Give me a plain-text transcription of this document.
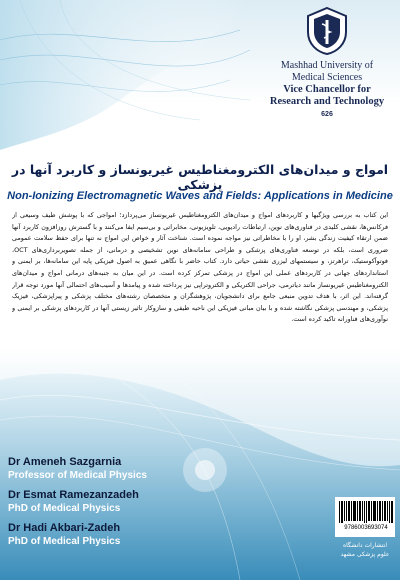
Mashhad University of
Medical Sciences
Vice Chancellor for
Research and Technology
626
امواج و میدان‌های الکترومغناطیس غیریونساز و کاربرد آنها در پزشکی
Non-Ionizing Electromagnetic Waves and Fields: Applications in Medicine
این کتاب به بررسی ویژگیها و کاربردهای امواج و میدان‌های الکترومغناطیس غیریونساز می‌پردازد؛ امواجی که با پوشش طیف وسیعی از فرکانس‌ها، نقشی کلیدی در فناوری‌های نوین، ارتباطات رادیویی، تلویزیونی، مخابراتی و بی‌سیم ایفا می‌کنند و با گسترش روزافزون کاربرد آنها ضمن ارتقاء کیفیت زندگی بشر، او را با مخاطراتی نیز مواجه نموده است. شناخت آثار و خواص این امواج نه تنها برای حفظ سلامت عمومی ضروری است، بلکه در توسعه فناوری‌های پزشکی و طراحی سامانه‌های نوین تشخیصی و درمانی، از جمله تصویربرداری‌های OCT، فوتوآکوستیک، تراهرتز، و سیستمهای لیزری نقشی حیاتی دارد. کتاب حاضر با نگاهی عمیق به اصول فیزیکی پایه این سامانه‌ها، بر ایمنی و استانداردهای جهانی در کاربردهای عملی این امواج در پزشکی تمرکز کرده است. در این میان به جنبه‌های درمانی امواج و میدان‌های الکترومغناطیس غیریونساز مانند دیاترمی، جراحی الکتریکی و الکتروتراپی نیز پرداخته شده و پیامدها و آسیب‌های احتمالی آنها مورد توجه قرار گرفته‌اند. این اثر، با هدف تدوین منبعی جامع برای دانشجویان، پژوهشگران و متخصصان رشته‌های مختلف پزشکی و پیراپزشکی، فیزیک پزشکی، و مهندسی پزشکی نگاشته شده و با بیان مبانی فیزیکی این ناحیه طیفی و سازوکار تاثیر زیستی آنها در کاربردهای پزشکی بر ایمنی و نوآوری‌های فناورانه تاکید کرده است.
Dr Ameneh Sazgarnia
Professor of Medical Physics
Dr Esmat Ramezanzadeh
PhD of Medical Physics
Dr Hadi Akbari-Zadeh
PhD of Medical Physics
9786003693074
انتشارات دانشگاه
علوم پزشکی مشهد
